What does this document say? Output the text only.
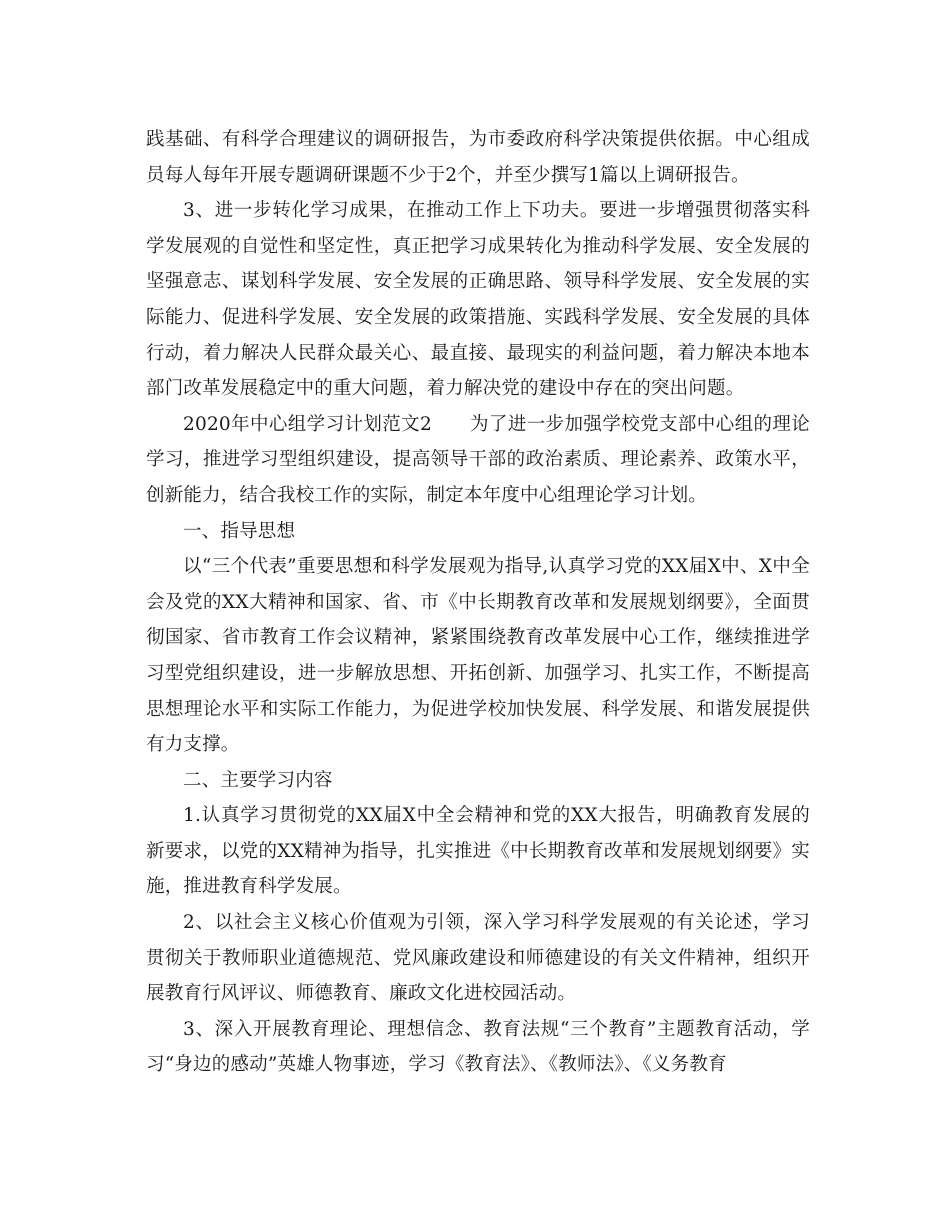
践基础、有科学合理建议的调研报告，为市委政府科学决策提供依据。中心组成员每人每年开展专题调研课题不少于2个，并至少撰写1篇以上调研报告。

3、进一步转化学习成果，在推动工作上下功夫。要进一步增强贯彻落实科学发展观的自觉性和坚定性，真正把学习成果转化为推动科学发展、安全发展的坚强意志、谋划科学发展、安全发展的正确思路、领导科学发展、安全发展的实际能力、促进科学发展、安全发展的政策措施、实践科学发展、安全发展的具体行动，着力解决人民群众最关心、最直接、最现实的利益问题，着力解决本地本部门改革发展稳定中的重大问题，着力解决党的建设中存在的突出问题。

2020年中心组学习计划范文2　　为了进一步加强学校党支部中心组的理论学习，推进学习型组织建设，提高领导干部的政治素质、理论素养、政策水平，创新能力，结合我校工作的实际，制定本年度中心组理论学习计划。

一、指导思想

以“三个代表”重要思想和科学发展观为指导,认真学习党的XX届X中、X中全会及党的XX大精神和国家、省、市《中长期教育改革和发展规划纲要》，全面贯彻国家、省市教育工作会议精神，紧紧围绕教育改革发展中心工作，继续推进学习型党组织建设，进一步解放思想、开拓创新、加强学习、扎实工作，不断提高思想理论水平和实际工作能力，为促进学校加快发展、科学发展、和谐发展提供有力支撑。

二、主要学习内容

1.认真学习贯彻党的XX届X中全会精神和党的XX大报告，明确教育发展的新要求，以党的XX精神为指导，扎实推进《中长期教育改革和发展规划纲要》实施，推进教育科学发展。

2、以社会主义核心价值观为引领，深入学习科学发展观的有关论述，学习贯彻关于教师职业道德规范、党风廉政建设和师德建设的有关文件精神，组织开展教育行风评议、师德教育、廉政文化进校园活动。

3、深入开展教育理论、理想信念、教育法规“三个教育”主题教育活动，学习“身边的感动”英雄人物事迹，学习《教育法》、《教师法》、《义务教育
